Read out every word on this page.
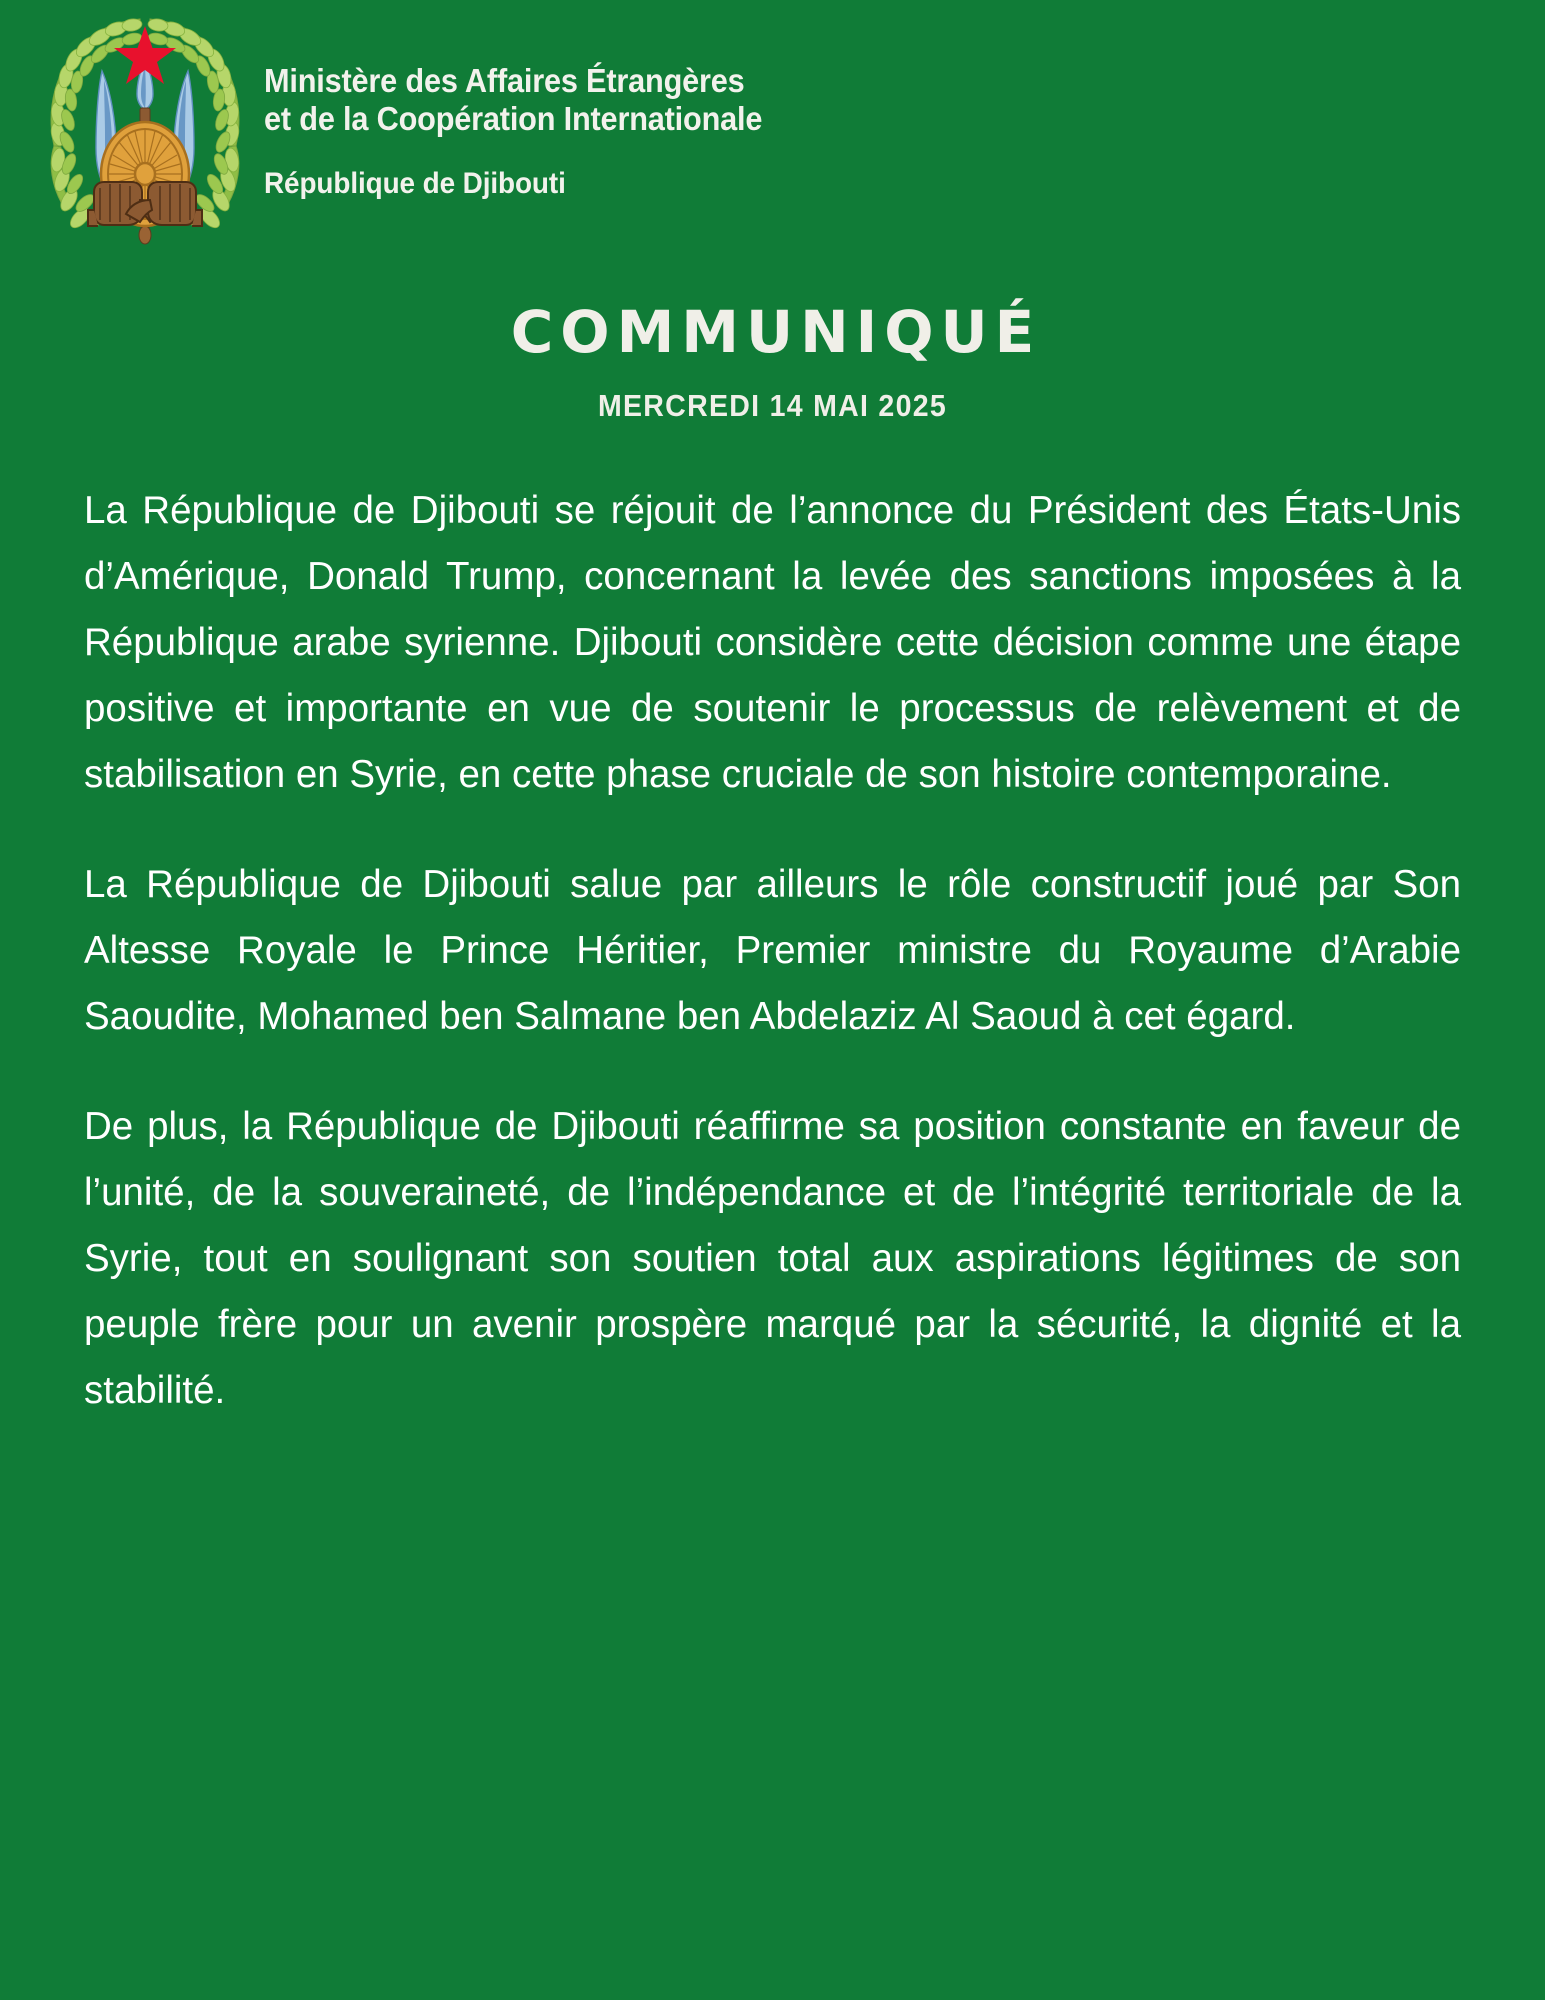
Ministère des Affaires Étrangères
et de la Coopération Internationale
République de Djibouti
COMMUNIQUÉ
MERCREDI 14 MAI 2025

La République de Djibouti se réjouit de l’annonce du Président des États-Unis d’Amérique, Donald Trump, concernant la levée des sanctions imposées à la République arabe syrienne. Djibouti considère cette décision comme une étape positive et importante en vue de soutenir le processus de relèvement et de stabilisation en Syrie, en cette phase cruciale de son histoire contemporaine.

La République de Djibouti salue par ailleurs le rôle constructif joué par Son Altesse Royale le Prince Héritier, Premier ministre du Royaume d’Arabie Saoudite, Mohamed ben Salmane ben Abdelaziz Al Saoud à cet égard.

De plus, la République de Djibouti réaffirme sa position constante en faveur de l’unité, de la souveraineté, de l’indépendance et de l’intégrité territoriale de la Syrie, tout en soulignant son soutien total aux aspirations légitimes de son peuple frère pour un avenir prospère marqué par la sécurité, la dignité et la stabilité.
